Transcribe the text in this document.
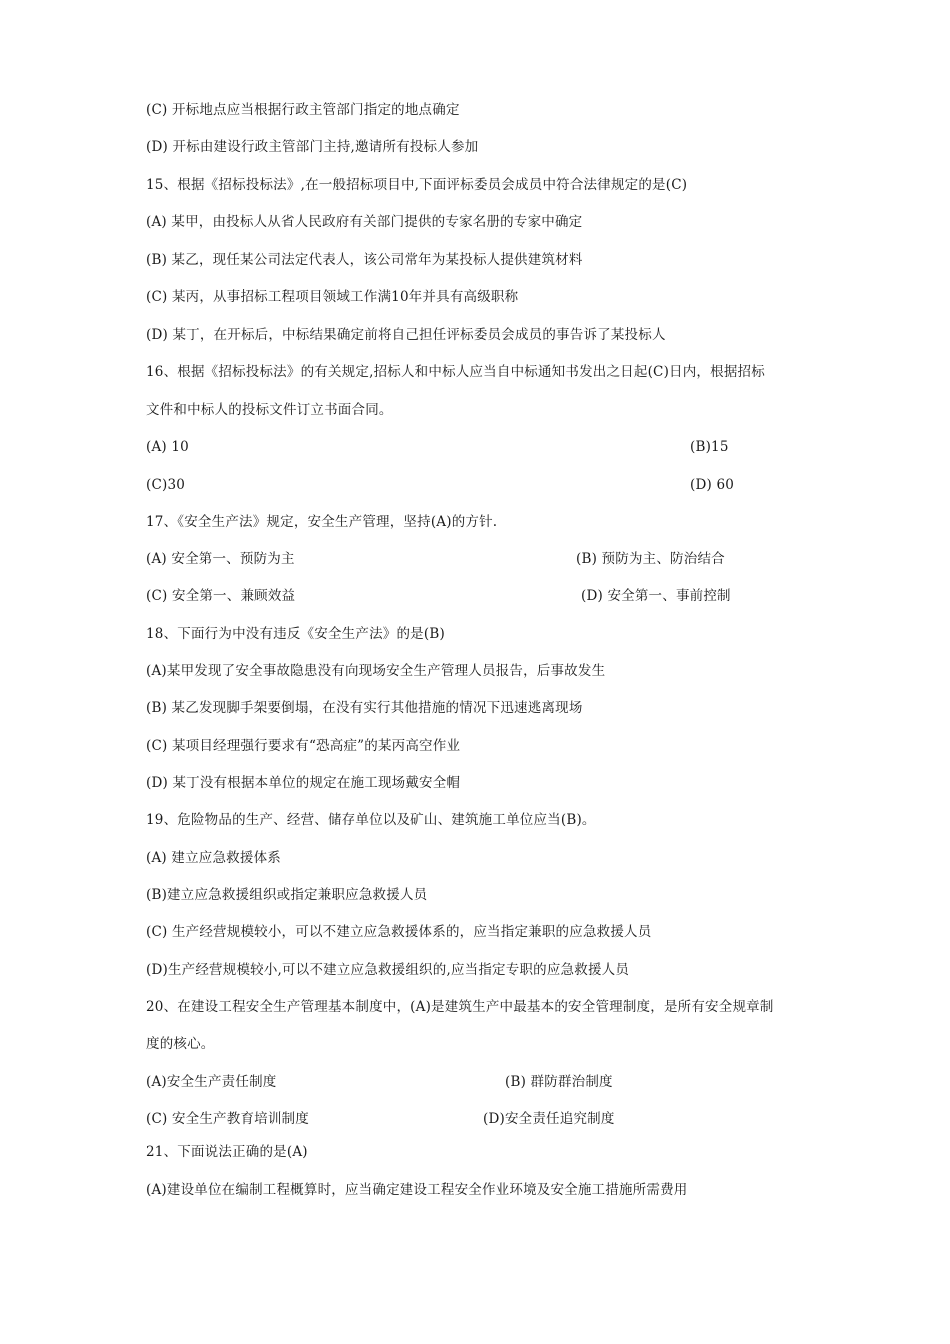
(C) 开标地点应当根据行政主管部门指定的地点确定
(D) 开标由建设行政主管部门主持,邀请所有投标人参加
15、根据《招标投标法》,在一般招标项目中,下面评标委员会成员中符合法律规定的是(C)
(A) 某甲，由投标人从省人民政府有关部门提供的专家名册的专家中确定
(B) 某乙，现任某公司法定代表人，该公司常年为某投标人提供建筑材料
(C) 某丙，从事招标工程项目领域工作满10年并具有高级职称
(D) 某丁，在开标后，中标结果确定前将自己担任评标委员会成员的事告诉了某投标人
16、根据《招标投标法》的有关规定,招标人和中标人应当自中标通知书发出之日起(C)日内，根据招标
文件和中标人的投标文件订立书面合同。
(A) 10	(B)15
(C)30	(D) 60
17、《安全生产法》规定，安全生产管理，坚持(A)的方针.
(A) 安全第一、预防为主	(B) 预防为主、防治结合
(C) 安全第一、兼顾效益	(D) 安全第一、事前控制
18、下面行为中没有违反《安全生产法》的是(B)
(A)某甲发现了安全事故隐患没有向现场安全生产管理人员报告，后事故发生
(B) 某乙发现脚手架要倒塌，在没有实行其他措施的情况下迅速逃离现场
(C) 某项目经理强行要求有“恐高症”的某丙高空作业
(D) 某丁没有根据本单位的规定在施工现场戴安全帽
19、危险物品的生产、经营、储存单位以及矿山、建筑施工单位应当(B)。
(A) 建立应急救援体系
(B)建立应急救援组织或指定兼职应急救援人员
(C) 生产经营规模较小，可以不建立应急救援体系的，应当指定兼职的应急救援人员
(D)生产经营规模较小,可以不建立应急救援组织的,应当指定专职的应急救援人员
20、在建设工程安全生产管理基本制度中，(A)是建筑生产中最基本的安全管理制度，是所有安全规章制
度的核心。
(A)安全生产责任制度	(B) 群防群治制度
(C) 安全生产教育培训制度	(D)安全责任追究制度
21、下面说法正确的是(A)
(A)建设单位在编制工程概算时，应当确定建设工程安全作业环境及安全施工措施所需费用
